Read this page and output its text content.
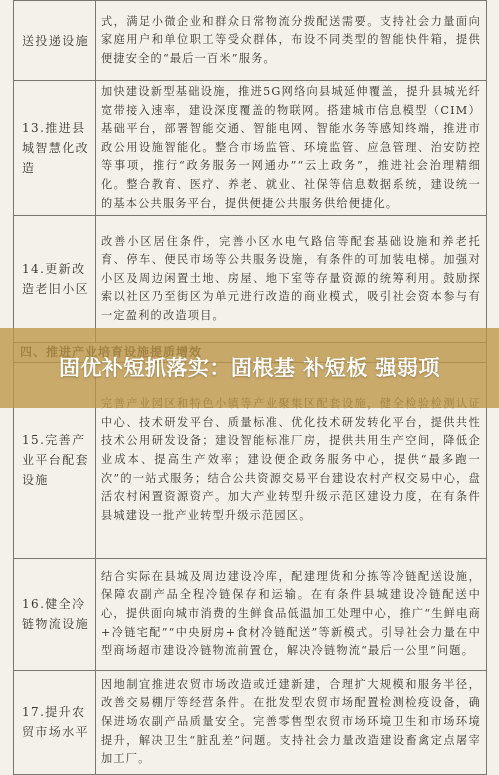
送投递设施	式，满足小微企业和群众日常物流分拨配送需要。支持社会力量面向家庭用户和单位职工等受众群体，布设不同类型的智能快件箱，提供便捷安全的“最后一百米”服务。
13.推进县城智慧化改造	加快建设新型基础设施，推进5G网络向县城延伸覆盖，提升县城光纤宽带接入速率，建设深度覆盖的物联网。搭建城市信息模型（CIM）基础平台，部署智能交通、智能电网、智能水务等感知终端，推进市政公用设施智能化。整合市场监管、环境监管、应急管理、治安防控等事项，推行“政务服务一网通办”“云上政务”，推进社会治理精细化。整合教育、医疗、养老、就业、社保等信息数据系统，建设统一的基本公共服务平台，提供便捷公共服务供给便捷化。
14.更新改造老旧小区	改善小区居住条件，完善小区水电气路信等配套基础设施和养老托育、停车、便民市场等公共服务设施，有条件的可加装电梯。加强对小区及周边闲置土地、房屋、地下室等存量资源的统筹利用。鼓励探索以社区乃至街区为单元进行改造的商业模式，吸引社会资本参与有一定盈利的改造项目。

15.完善产业平台配套设施	中心、技术研发平台、质量标准、优化技术研发转化平台，提供共性技术公用研发设备；建设智能标准厂房，提供共用生产空间，降低企业成本、提高生产效率；建设便企政务服务中心，提供“最多跑一次”的一站式服务；结合公共资源交易平台建设农村产权交易中心，盘活农村闲置资源资产。加大产业转型升级示范区建设力度，在有条件县城建设一批产业转型升级示范园区。
16.健全冷链物流设施	结合实际在县城及周边建设冷库，配建理货和分拣等冷链配送设施，保障农副产品全程冷链保存和运输。在有条件县城建设冷链配送中心，提供面向城市消费的生鲜食品低温加工处理中心，推广“生鲜电商+冷链宅配”“中央厨房+食材冷链配送”等新模式。引导社会力量在中型商场超市建设冷链物流前置仓，解决冷链物流“最后一公里”问题。
17.提升农贸市场水平	因地制宜推进农贸市场改造或迁建新建，合理扩大规模和服务半径，改善交易棚厅等经营条件。在批发型农贸市场配置检测检疫设备，确保进场农副产品质量安全。完善零售型农贸市场环境卫生和市场环境提升，解决卫生“脏乱差”问题。支持社会力量改造建设畜禽定点屠宰加工厂。
固优补短抓落实：固根基 补短板 强弱项
